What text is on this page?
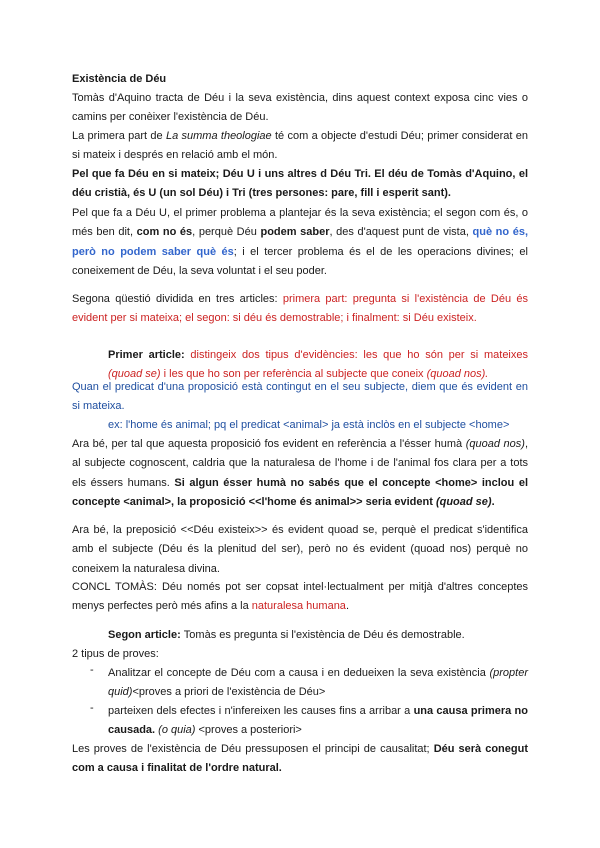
Existència de Déu

Tomàs d'Aquino tracta de Déu i la seva existència, dins aquest context exposa cinc vies o camins per conèixer l'existència de Déu.

La primera part de La summa theologiae té com a objecte d'estudi Déu; primer considerat en si mateix i després en relació amb el món.

Pel que fa Déu en si mateix; Déu U i uns altres d Déu Tri. El déu de Tomàs d'Aquino, el déu cristià, és U (un sol Déu) i Tri (tres persones: pare, fill i esperit sant).

Pel que fa a Déu U, el primer problema a plantejar és la seva existència; el segon com és, o més ben dit, com no és, perquè Déu podem saber, des d'aquest punt de vista, què no és, però no podem saber què és; i el tercer problema és el de les operacions divines; el coneixement de Déu, la seva voluntat i el seu poder.

Segona qüestió dividida en tres articles: primera part: pregunta si l'existència de Déu és evident per si mateixa; el segon: si déu és demostrable; i finalment: si Déu existeix.

Primer article: distingeix dos tipus d'evidències: les que ho són per si mateixes (quoad se) i les que ho son per referència al subjecte que coneix (quoad nos).

Quan el predicat d'una proposició està contingut en el seu subjecte, diem que és evident en si mateixa.

ex: l'home és animal; pq el predicat <animal> ja està inclòs en el subjecte <home>

Ara bé, per tal que aquesta proposició fos evident en referència a l'ésser humà (quoad nos), al subjecte cognoscent, caldria que la naturalesa de l'home i de l'animal fos clara per a tots els éssers humans. Si algun ésser humà no sabés que el concepte <home> inclou el concepte <animal>, la proposició <<l'home és animal>> seria evident (quoad se).

Ara bé, la preposició <<Déu existeix>> és evident quoad se, perquè el predicat s'identifica amb el subjecte (Déu és la plenitud del ser), però no és evident (quoad nos) perquè no coneixem la naturalesa divina.

CONCL TOMÀS: Déu només pot ser copsat intel·lectualment per mitjà d'altres conceptes menys perfectes però més afins a la naturalesa humana.

Segon article: Tomàs es pregunta si l'existència de Déu és demostrable.

2 tipus de proves:

- Analitzar el concepte de Déu com a causa i en dedueixen la seva existència (propter quid)<proves a priori de l'existència de Déu>

- parteixen dels efectes i n'infereixen les causes fins a arribar a una causa primera no causada. (o quia) <proves a posteriori>

Les proves de l'existència de Déu pressuposen el principi de causalitat; Déu serà conegut com a causa i finalitat de l'ordre natural.
